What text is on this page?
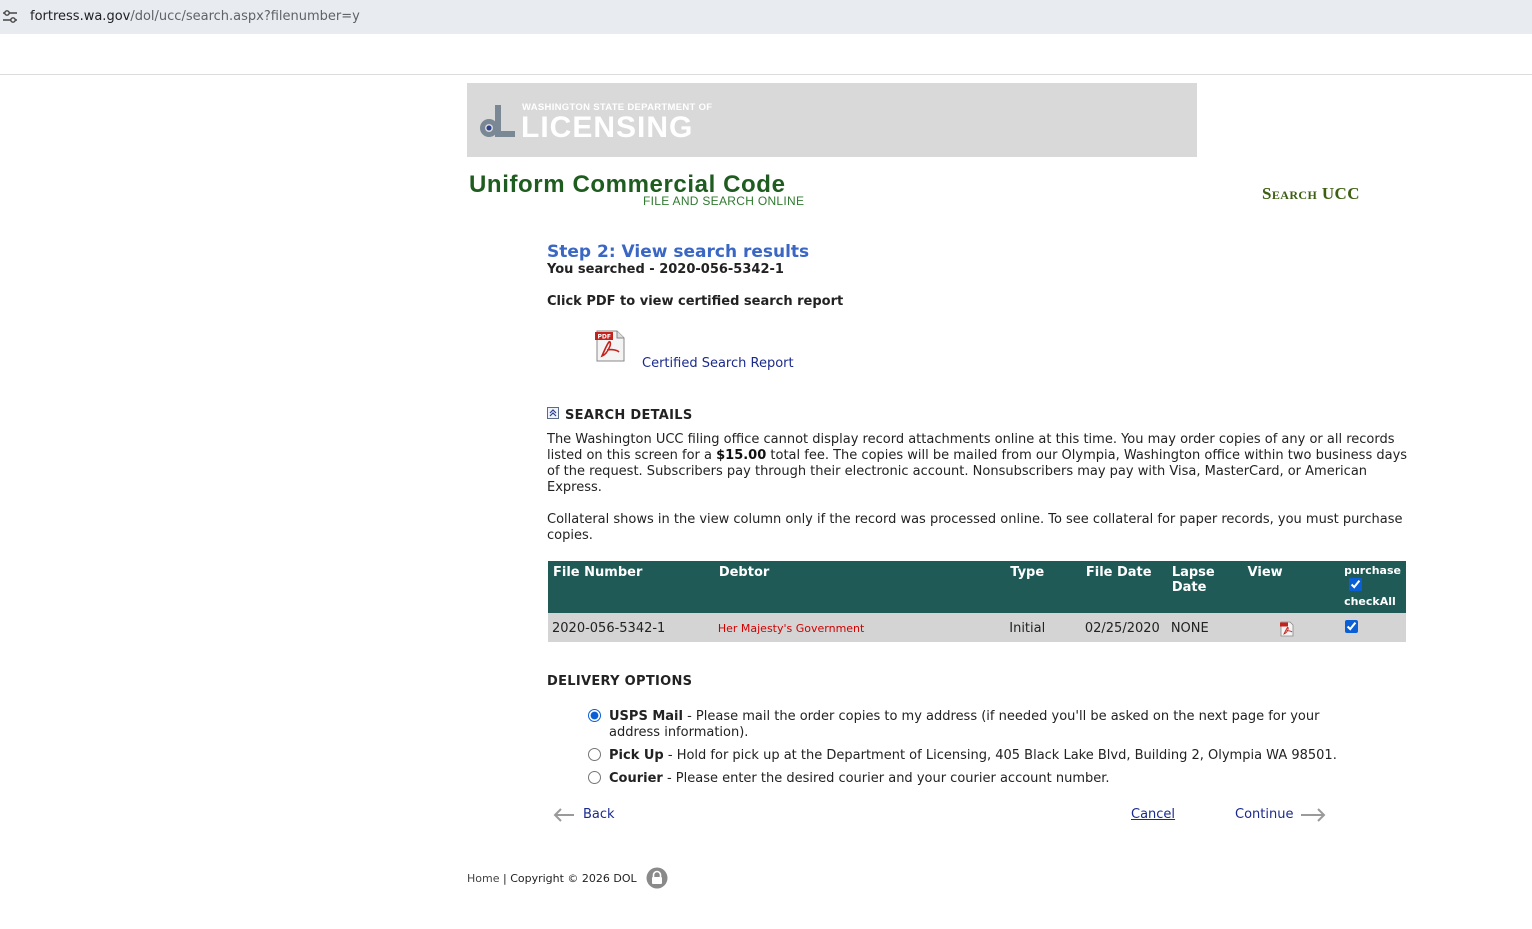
fortress.wa.gov/dol/ucc/search.aspx?filenumber=y
WASHINGTON STATE DEPARTMENT OF
LICENSING
Uniform Commercial Code
FILE AND SEARCH ONLINE	Search UCC
Step 2: View search results
You searched - 2020-056-5342-1
Click PDF to view certified search report
PDF
Certified Search Report
SEARCH DETAILS
The Washington UCC filing office cannot display record attachments online at this time. You may order copies of any or all records listed on this screen for a $15.00 total fee. The copies will be mailed from our Olympia, Washington office within two business days of the request. Subscribers pay through their electronic account. Nonsubscribers may pay with Visa, MasterCard, or American Express.
Collateral shows in the view column only if the record was processed online. To see collateral for paper records, you must purchase copies.
File Number	Debtor	Type	File Date	Lapse Date	View	purchase
checkAll

2020-056-5342-1	Her Majesty's Government	Initial	02/25/2020	NONE		
DELIVERY OPTIONS
USPS Mail - Please mail the order copies to my address (if needed you'll be asked on the next page for your address information).
Pick Up - Hold for pick up at the Department of Licensing, 405 Black Lake Blvd, Building 2, Olympia WA 98501.
Courier - Please enter the desired courier and your courier account number.
Back	Cancel	Continue
Home | Copyright © 2026 DOL
